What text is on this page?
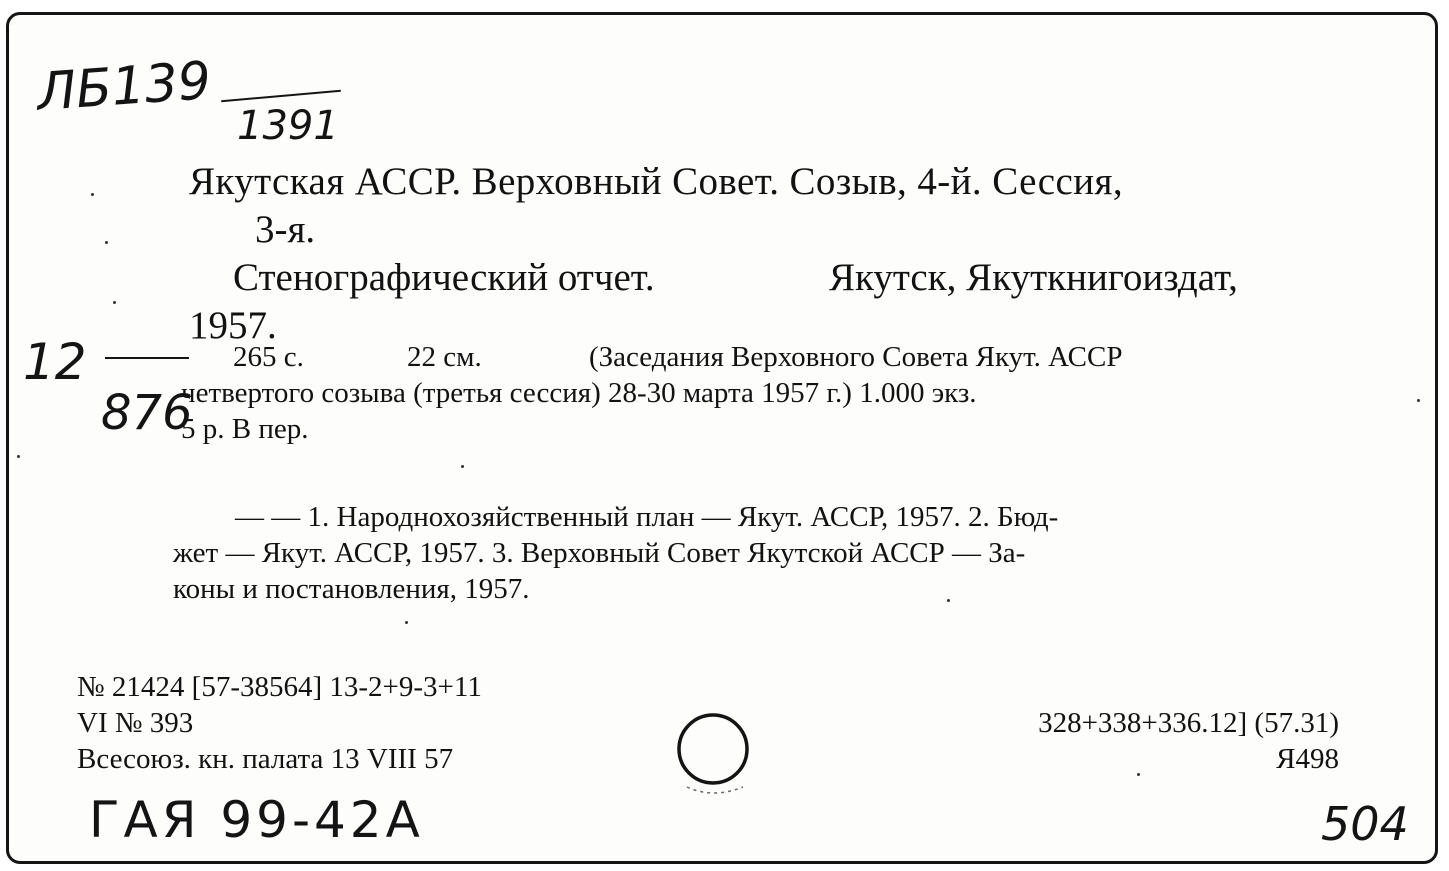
ЛБ139
1391
Якутская АССР. Верховный Совет. Созыв, 4-й. Сессия,
3-я.
Стенографический отчет.	Якутск, Якуткнигоиздат,
1957.
12
876
265 с.	22 см.	(Заседания Верховного Совета Якут. АССР
четвертого созыва (третья сессия) 28-30 марта 1957 г.) 1.000 экз.
5 р. В пер.
— — 1. Народнохозяйственный план — Якут. АССР, 1957. 2. Бюд-
жет — Якут. АССР, 1957. 3. Верховный Совет Якутской АССР — За-
коны и постановления, 1957.
№ 21424 [57-38564] 13-2+9-3+11
VI № 393
Всесоюз. кн. палата 13 VIII 57
328+338+336.12] (57.31)
Я498
ГАЯ 99-42А	504
